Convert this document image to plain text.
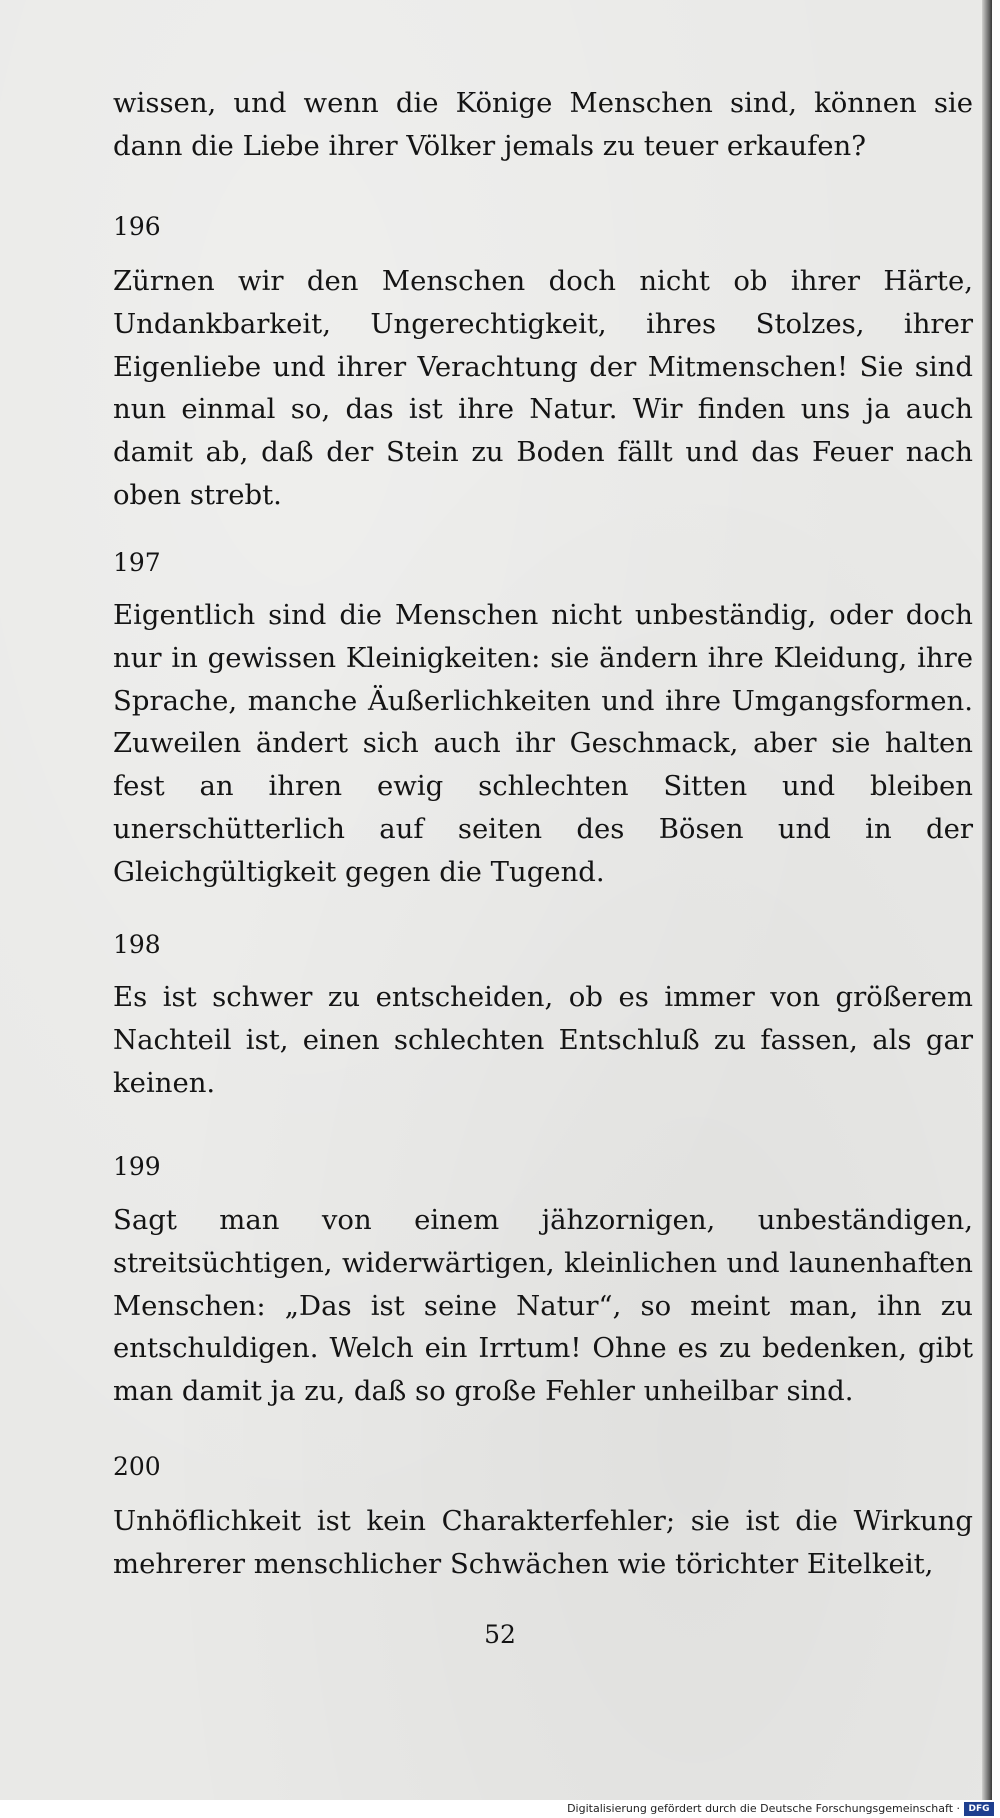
wissen, und wenn die Könige Menschen sind, können sie dann die Liebe ihrer Völker jemals zu teuer erkaufen?

196

Zürnen wir den Menschen doch nicht ob ihrer Härte, Undankbarkeit, Ungerechtigkeit, ihres Stolzes, ihrer Eigenliebe und ihrer Verachtung der Mitmenschen! Sie sind nun einmal so, das ist ihre Natur. Wir finden uns ja auch damit ab, daß der Stein zu Boden fällt und das Feuer nach oben strebt.

197

Eigentlich sind die Menschen nicht unbeständig, oder doch nur in gewissen Kleinigkeiten: sie ändern ihre Kleidung, ihre Sprache, manche Äußerlichkeiten und ihre Umgangsformen. Zuweilen ändert sich auch ihr Geschmack, aber sie halten fest an ihren ewig schlechten Sitten und bleiben unerschütterlich auf seiten des Bösen und in der Gleichgültigkeit gegen die Tugend.

198

Es ist schwer zu entscheiden, ob es immer von größerem Nachteil ist, einen schlechten Entschluß zu fassen, als gar keinen.

199

Sagt man von einem jähzornigen, unbeständigen, streitsüchtigen, widerwärtigen, kleinlichen und launenhaften Menschen: „Das ist seine Natur“, so meint man, ihn zu entschuldigen. Welch ein Irrtum! Ohne es zu bedenken, gibt man damit ja zu, daß so große Fehler unheilbar sind.

200

Unhöflichkeit ist kein Charakterfehler; sie ist die Wirkung mehrerer menschlicher Schwächen wie törichter Eitelkeit,

52

Digitalisierung gefördert durch die Deutsche Forschungsgemeinschaft · DFG
